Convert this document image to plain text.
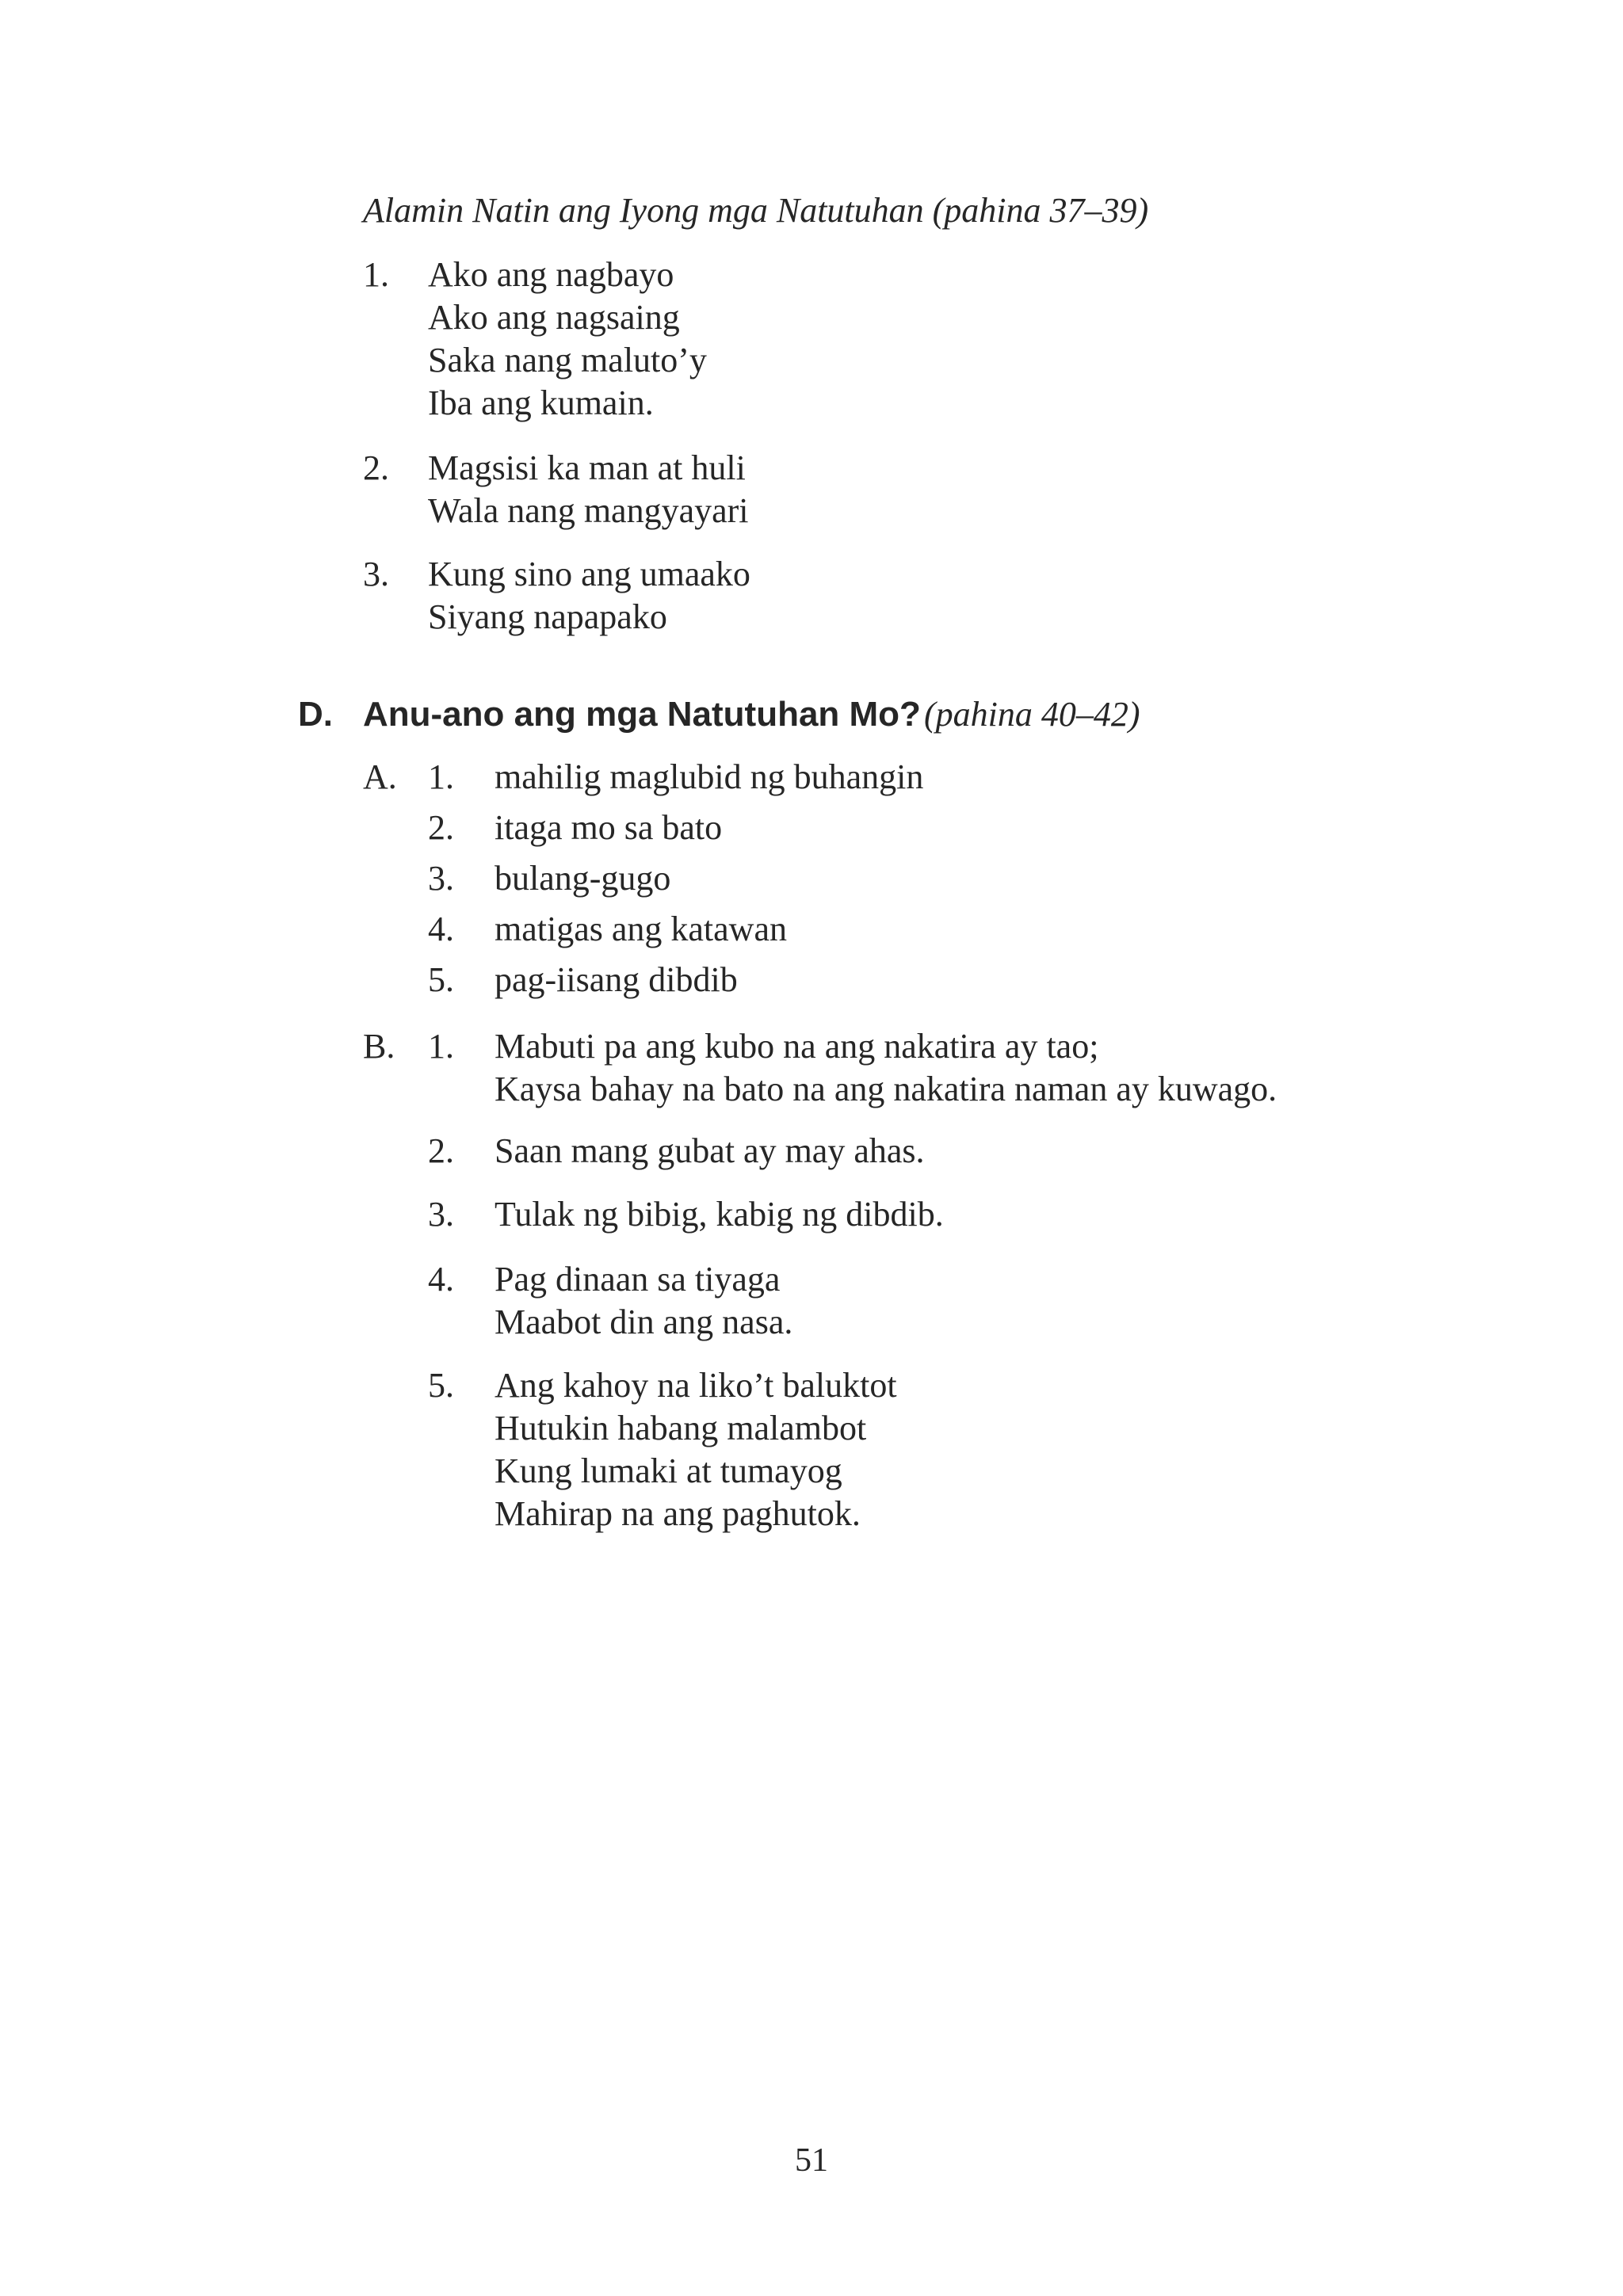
Alamin Natin ang Iyong mga Natutuhan (pahina 37–39)
1. Ako ang nagbayo
Ako ang nagsaing
Saka nang maluto’y
Iba ang kumain.
2. Magsisi ka man at huli
Wala nang mangyayari
3. Kung sino ang umaako
Siyang napapako
D. Anu-ano ang mga Natutuhan Mo? (pahina 40–42)
A. 1. mahilig maglubid ng buhangin
2. itaga mo sa bato
3. bulang-gugo
4. matigas ang katawan
5. pag-iisang dibdib
B. 1. Mabuti pa ang kubo na ang nakatira ay tao;
Kaysa bahay na bato na ang nakatira naman ay kuwago.
2. Saan mang gubat ay may ahas.
3. Tulak ng bibig, kabig ng dibdib.
4. Pag dinaan sa tiyaga
Maabot din ang nasa.
5. Ang kahoy na liko’t baluktot
Hutukin habang malambot
Kung lumaki at tumayog
Mahirap na ang paghutok.
51
